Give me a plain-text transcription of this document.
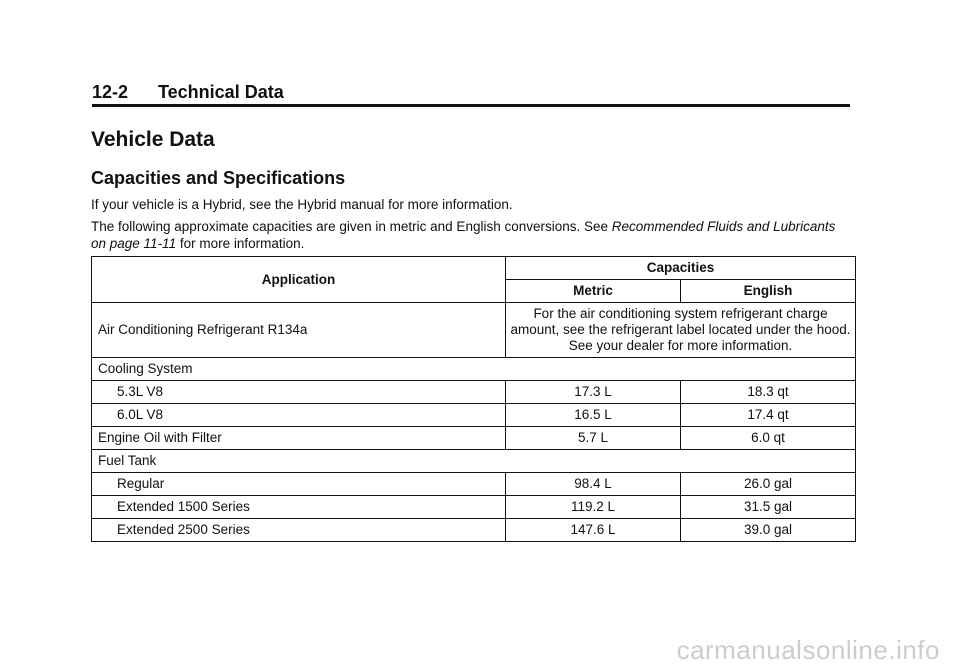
12-2 Technical Data
Vehicle Data
Capacities and Specifications

If your vehicle is a Hybrid, see the Hybrid manual for more information.

The following approximate capacities are given in metric and English conversions. See Recommended Fluids and Lubricants on page 11-11 for more information.

Application	Capacities	
	Metric	English
Air Conditioning Refrigerant R134a	For the air conditioning system refrigerant charge amount, see the refrigerant label located under the hood. See your dealer for more information.	
Cooling System		
5.3L V8	17.3 L	18.3 qt
6.0L V8	16.5 L	17.4 qt
Engine Oil with Filter	5.7 L	6.0 qt
Fuel Tank		
Regular	98.4 L	26.0 gal
Extended 1500 Series	119.2 L	31.5 gal
Extended 2500 Series	147.6 L	39.0 gal
carmanualsonline.info
